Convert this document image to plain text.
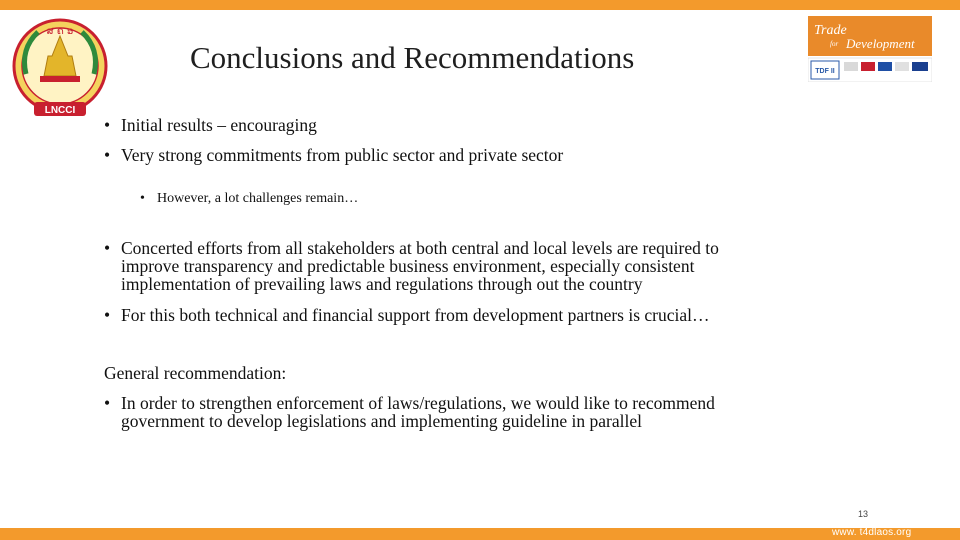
ສ ຄ ອ
LNCCI
Trade
for Development
TDF II
Conclusions and Recommendations
• Initial results – encouraging
• Very strong commitments from public sector and private sector
• However, a lot challenges remain…
• Concerted efforts from all stakeholders at both central and local levels are required to
improve transparency and predictable business environment, especially consistent
implementation of prevailing laws and regulations through out the country
• For this both technical and financial support from development partners is crucial…
General recommendation:
• In order to strengthen enforcement of laws/regulations, we would like to recommend
government to develop legislations and implementing guideline in parallel
13
www. t4dlaos.org
